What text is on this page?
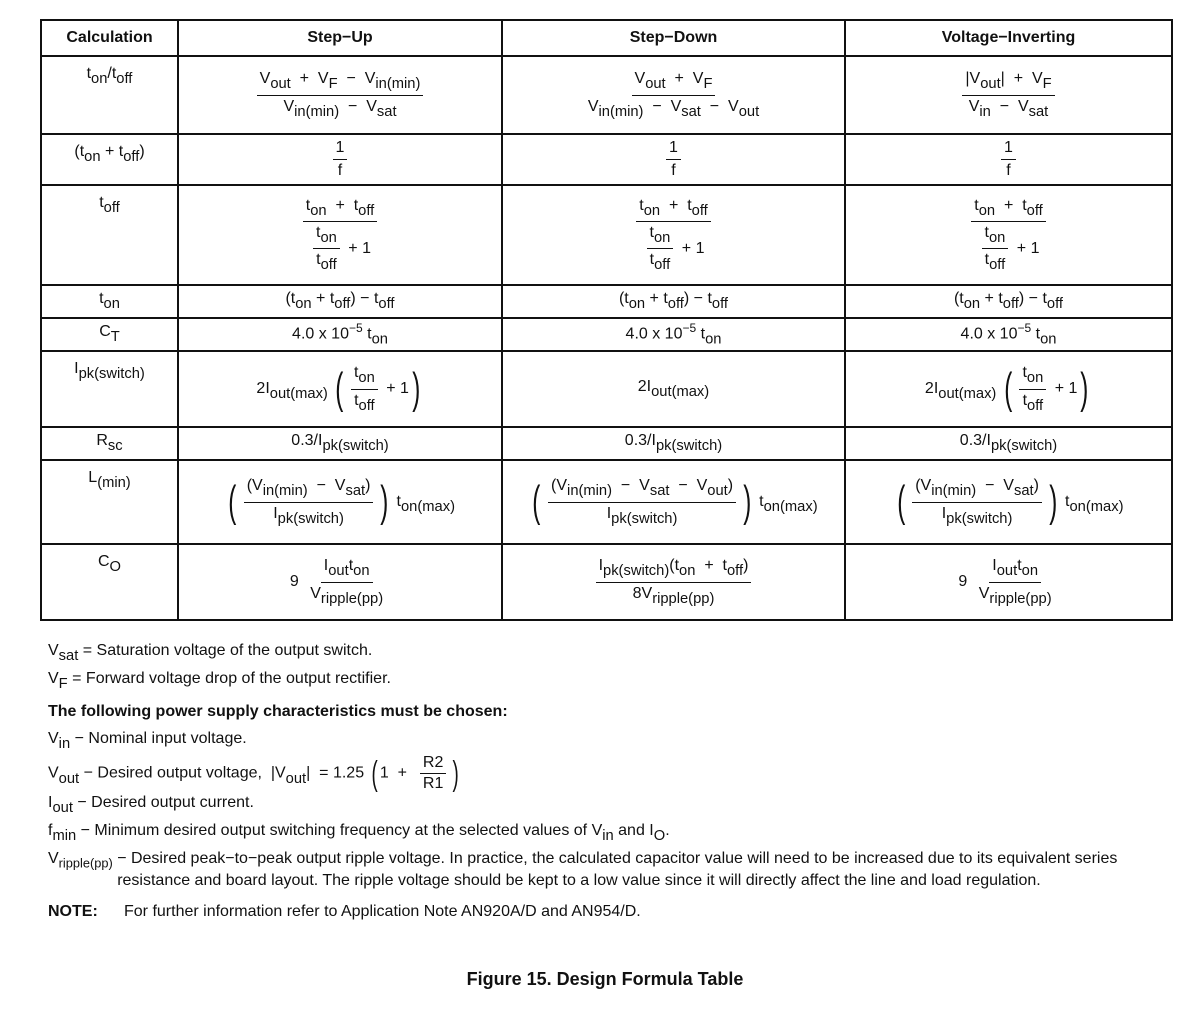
Calculation	Step−Up	Step−Down	Voltage−Inverting
ton/toff	$\frac{\text{Vout  +  VF  −  Vin(min)}}{\text{Vin(min)  −  Vsat}}$	$\frac{\text{Vout  +  VF}}{\text{Vin(min)  −  Vsat  −  Vout}}$	$\frac{\text{|Vout|  +  VF}}{\text{Vin  −  Vsat}}$

(ton + toff)	$\frac{1}{f}$	$\frac{1}{f}$	$\frac{1}{f}$

toff	$\frac{\text{ton  +  toff}}{\frac{\text{ton}}{\text{toff}} + 1}$	$\frac{\text{ton  +  toff}}{\frac{\text{ton}}{\text{toff}} + 1}$	$\frac{\text{ton  +  toff}}{\frac{\text{ton}}{\text{toff}} + 1}$

ton	(ton + toff) − toff	(ton + toff) − toff	(ton + toff) − toff
CT	4.0 x $10^{-5}$ ton	4.0 x $10^{-5}$ ton	4.0 x $10^{-5}$ ton
Ipk(switch)	2Iout(max) ( $\frac{\text{ton}}{\text{toff}} + 1$)	2Iout(max)	2Iout(max) ( $\frac{\text{ton}}{\text{toff}} + 1$)
Rsc	0.3/Ipk(switch)	0.3/Ipk(switch)	0.3/Ipk(switch)
L(min)	( $\frac{\text{(Vin(min)  −  Vsat)}}{\text{Ipk(switch)}}$ ) ton(max)	( $\frac{\text{(Vin(min)  −  Vsat  −  Vout)}}{\text{Ipk(switch)}}$ ) ton(max)	( $\frac{\text{(Vin(min)  −  Vsat)}}{\text{Ipk(switch)}}$ ) ton(max)
CO	$9 \frac{\text{Ioutton}}{\text{Vripple(pp)}}$	$\frac{\text{Ipk(switch)(ton  +  toff)}}{\text{8Vripple(pp)}}$	$9 \frac{\text{Ioutton}}{\text{Vripple(pp)}}$

Vsat = Saturation voltage of the output switch.

VF = Forward voltage drop of the output rectifier.

The following power supply characteristics must be chosen:

Vin − Nominal input voltage.

Vout − Desired output voltage,  |Vout|  = 1.25 ( $1 + \frac{R2}{R1}$ )

Iout − Desired output current.

fmin − Minimum desired output switching frequency at the selected values of Vin and IO.

$V_{ripple(pp)}$ − Desired peak−to−peak output ripple voltage. In practice, the calculated capacitor value will need to be increased due to its equivalent series resistance and board layout. The ripple voltage should be kept to a low value since it will directly affect the line and load regulation.

NOTE: For further information refer to Application Note AN920A/D and AN954/D.

Figure 15. Design Formula Table
